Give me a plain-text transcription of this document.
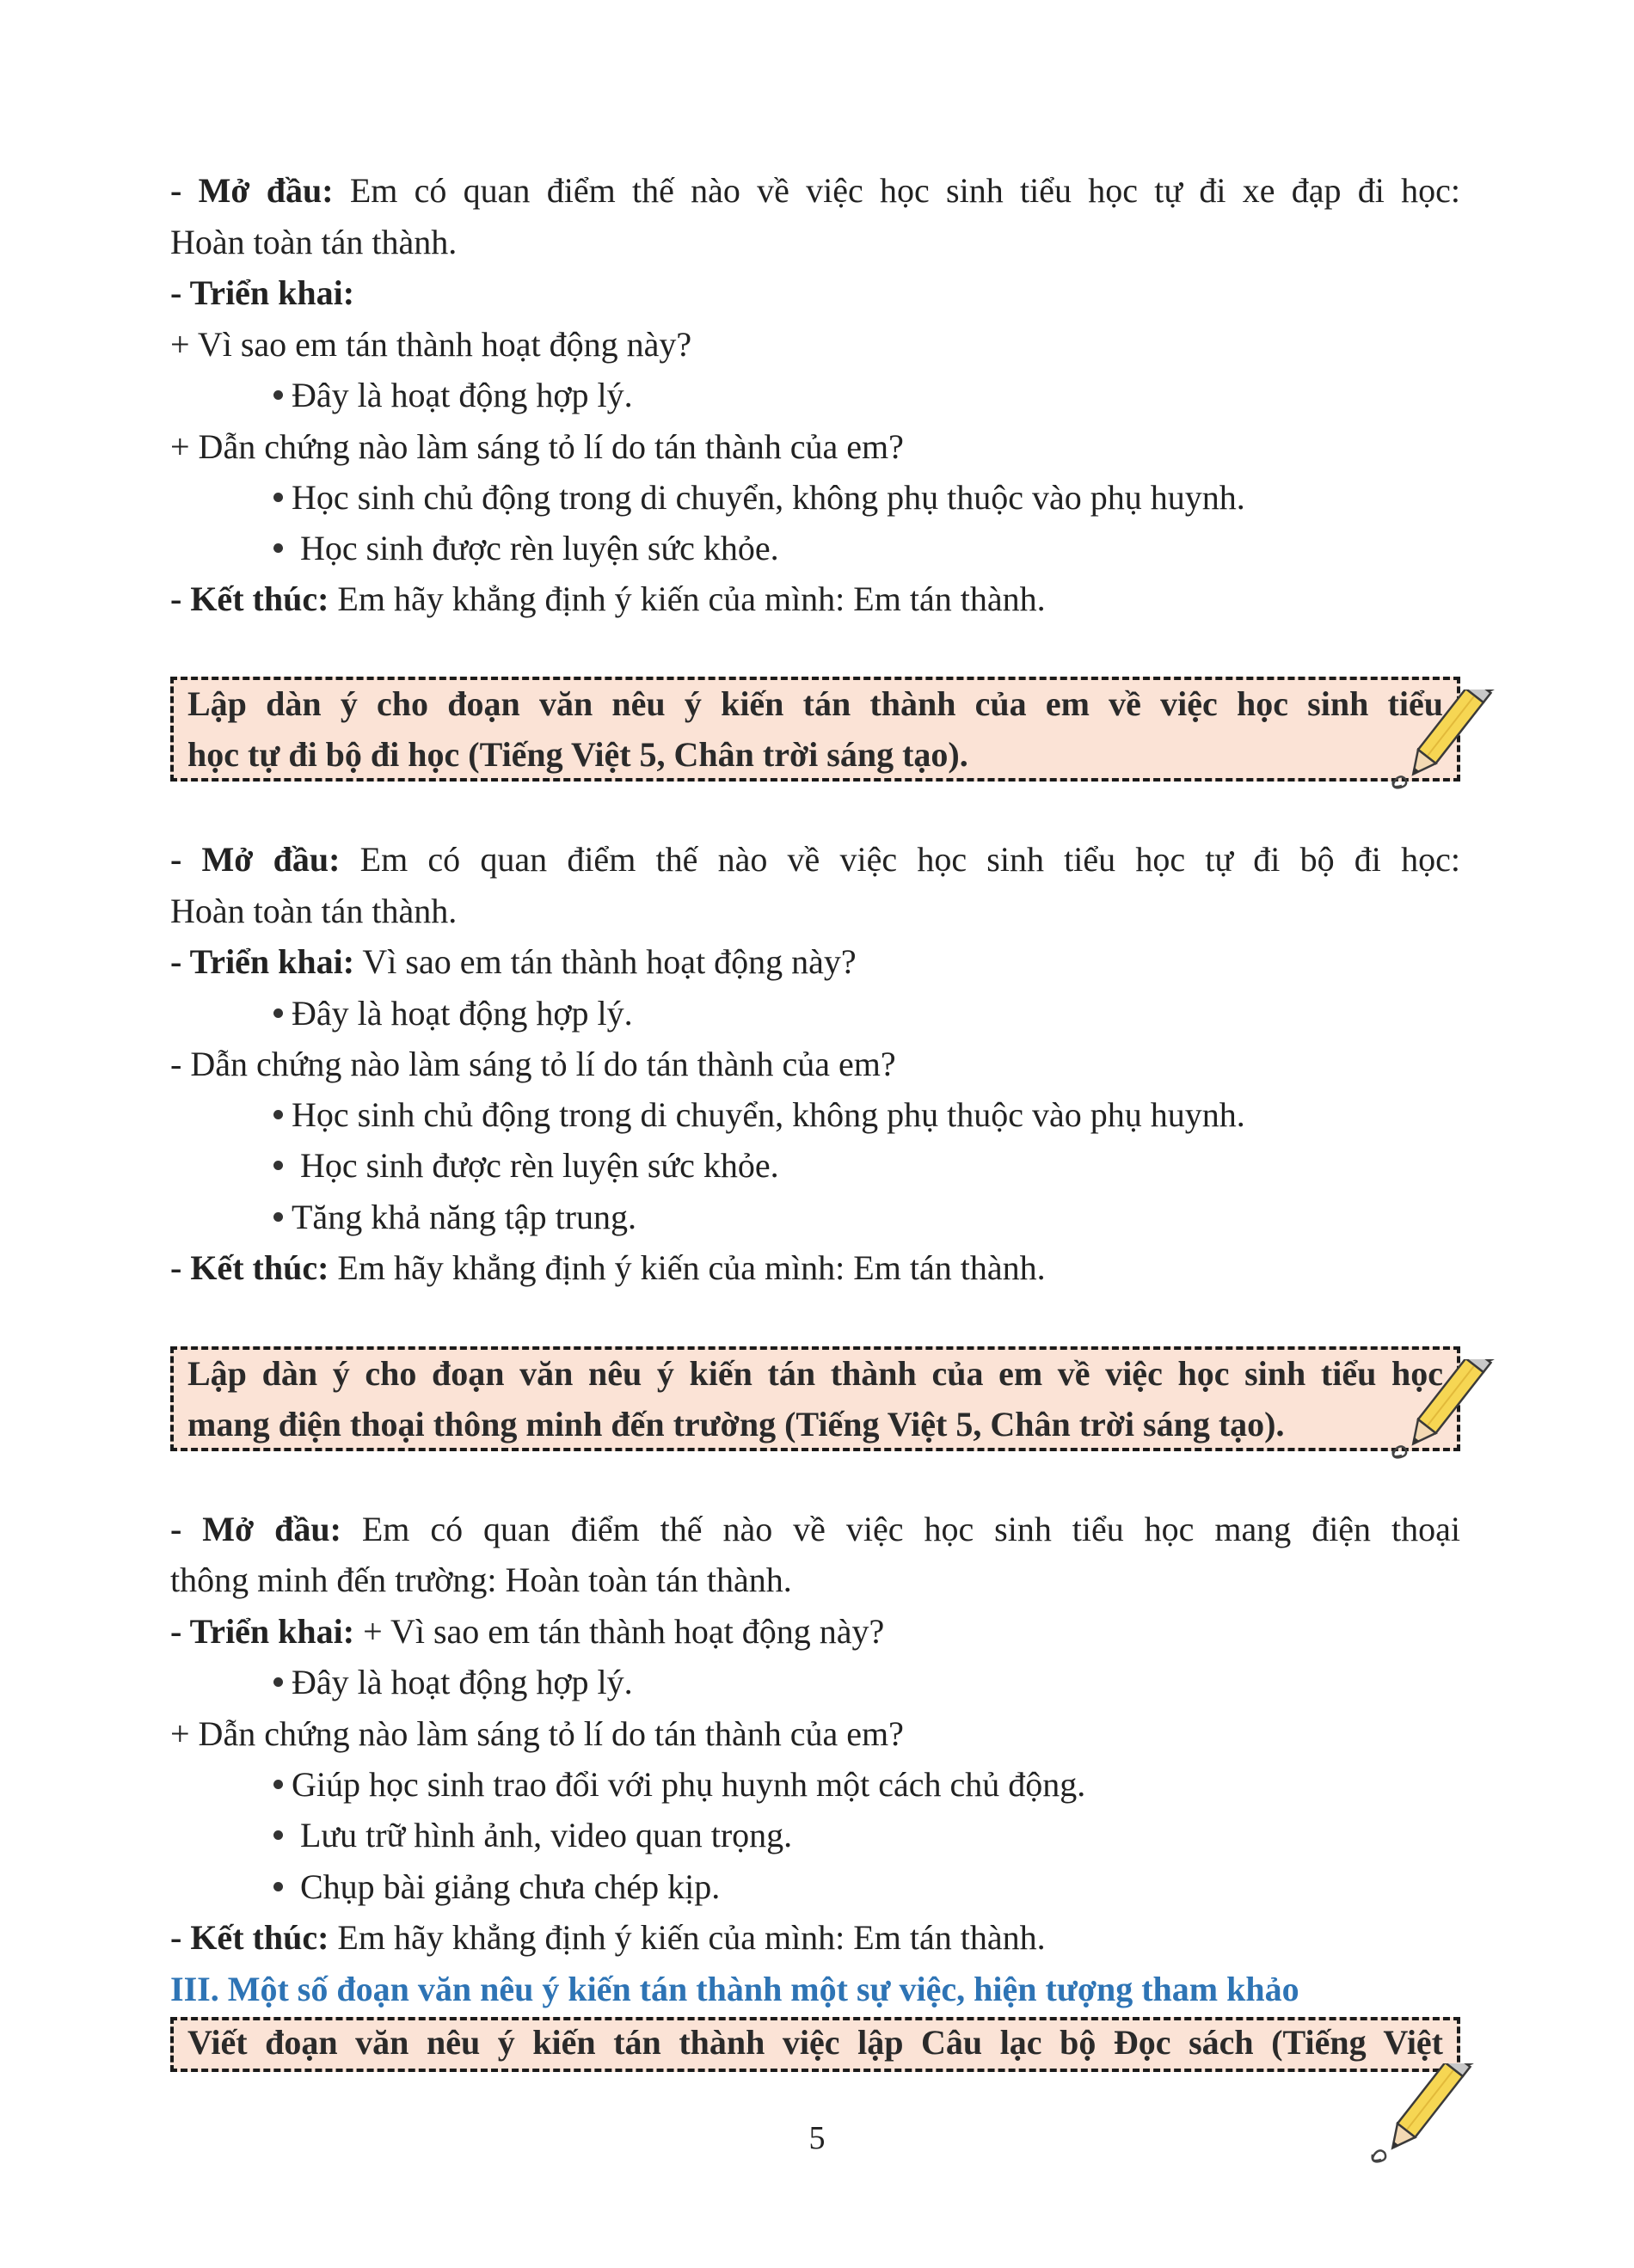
- Mở đầu: Em có quan điểm thế nào về việc học sinh tiểu học tự đi xe đạp đi học:
Hoàn toàn tán thành.
- Triển khai:
+ Vì sao em tán thành hoạt động này?
Đây là hoạt động hợp lý.
+ Dẫn chứng nào làm sáng tỏ lí do tán thành của em?
Học sinh chủ động trong di chuyển, không phụ thuộc vào phụ huynh.
Học sinh được rèn luyện sức khỏe.
- Kết thúc: Em hãy khẳng định ý kiến của mình: Em tán thành.
Lập dàn ý cho đoạn văn nêu ý kiến tán thành của em về việc học sinh tiểu
học tự đi bộ đi học (Tiếng Việt 5, Chân trời sáng tạo).
- Mở đầu: Em có quan điểm thế nào về việc học sinh tiểu học tự đi bộ đi học:
Hoàn toàn tán thành.
- Triển khai: Vì sao em tán thành hoạt động này?
Đây là hoạt động hợp lý.
- Dẫn chứng nào làm sáng tỏ lí do tán thành của em?
Học sinh chủ động trong di chuyển, không phụ thuộc vào phụ huynh.
Học sinh được rèn luyện sức khỏe.
Tăng khả năng tập trung.
- Kết thúc: Em hãy khẳng định ý kiến của mình: Em tán thành.
Lập dàn ý cho đoạn văn nêu ý kiến tán thành của em về việc học sinh tiểu học
mang điện thoại thông minh đến trường (Tiếng Việt 5, Chân trời sáng tạo).
- Mở đầu: Em có quan điểm thế nào về việc học sinh tiểu học mang điện thoại
thông minh đến trường: Hoàn toàn tán thành.
- Triển khai: + Vì sao em tán thành hoạt động này?
Đây là hoạt động hợp lý.
+ Dẫn chứng nào làm sáng tỏ lí do tán thành của em?
Giúp học sinh trao đổi với phụ huynh một cách chủ động.
Lưu trữ hình ảnh, video quan trọng.
Chụp bài giảng chưa chép kịp.
- Kết thúc: Em hãy khẳng định ý kiến của mình: Em tán thành.
III. Một số đoạn văn nêu ý kiến tán thành một sự việc, hiện tượng tham khảo
Viết đoạn văn nêu ý kiến tán thành việc lập Câu lạc bộ Đọc sách (Tiếng Việt
5
